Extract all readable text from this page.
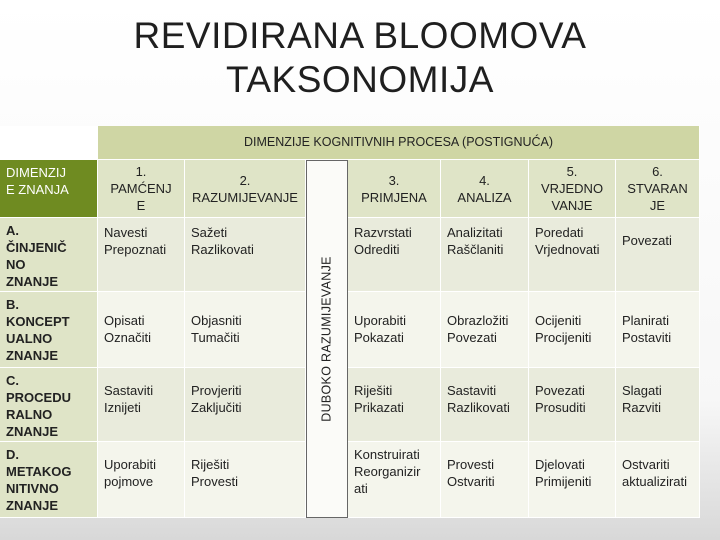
REVIDIRANA BLOOMOVA
TAKSONOMIJA
DIMENZIJE KOGNITIVNIH PROCESA (POSTIGNUĆA)
DIMENZIJ
E ZNANJA
1.
PAMĆENJ
E
2. RAZUMIJEVANJE
DUBOKO RAZUMIJEVANJE
3.
PRIMJENA
4.
ANALIZA
5.
VRJEDNO
VANJE
6.
STVARAN
JE
A.
ČINJENIČ
NO
ZNANJE
Navesti
Prepoznati
Sažeti
Razlikovati
Razvrstati
Odrediti
Analizitati
Raščlaniti
Poredati
Vrjednovati
Povezati
B.
KONCEPT
UALNO
ZNANJE
Opisati
Označiti
Objasniti
Tumačiti
Uporabiti
Pokazati
Obrazložiti
Povezati
Ocijeniti
Procijeniti
Planirati
Postaviti
C.
PROCEDU
RALNO
ZNANJE
Sastaviti
Iznijeti
Provjeriti
Zaključiti
Riješiti
Prikazati
Sastaviti
Razlikovati
Povezati
Prosuditi
Slagati
Razviti
D.
METAKOG
NITIVNO
ZNANJE
Uporabiti
pojmove
Riješiti
Provesti
Konstruirati
Reorganizir
ati
Provesti
Ostvariti
Djelovati
Primijeniti
Ostvariti
aktualizirati
